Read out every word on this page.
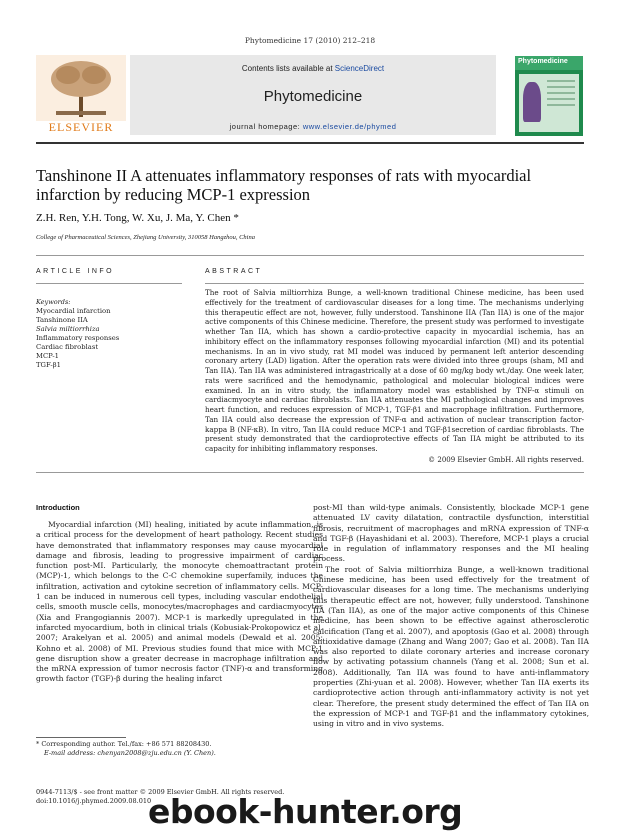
Phytomedicine 17 (2010) 212–218
ELSEVIER
Contents lists available at ScienceDirect
Phytomedicine
journal homepage: www.elsevier.de/phymed
Phytomedicine
Tanshinone II A attenuates inflammatory responses of rats with myocardial infarction by reducing MCP-1 expression
Z.H. Ren, Y.H. Tong, W. Xu, J. Ma, Y. Chen *
College of Pharmaceutical Sciences, Zhejiang University, 310058 Hangzhou, China
ARTICLE INFO	ABSTRACT
Keywords:
Myocardial infarction
Tanshinone IIA
Salvia miltiorrhiza
Inflammatory responses
Cardiac fibroblast
MCP-1
TGF-β1
The root of Salvia miltiorrhiza Bunge, a well-known traditional Chinese medicine, has been used effectively for the treatment of cardiovascular diseases for a long time. The mechanisms underlying this therapeutic effect are not, however, fully understood. Tanshinone IIA (Tan IIA) is one of the major active components of this Chinese medicine. Therefore, the present study was performed to investigate whether Tan IIA, which has shown a cardio-protective capacity in myocardial ischemia, has an inhibitory effect on the inflammatory responses following myocardial infarction (MI) and its potential mechanisms. In an in vivo study, rat MI model was induced by permanent left anterior descending coronary artery (LAD) ligation. After the operation rats were divided into three groups (sham, MI and Tan IIA). Tan IIA was administered intragastrically at a dose of 60 mg/kg body wt./day. One week later, rats were sacrificed and the hemodynamic, pathological and molecular biological indices were examined. In an in vitro study, the inflammatory model was established by TNF-α stimuli on cardiacmyocyte and cardiac fibroblasts. Tan IIA attenuates the MI pathological changes and improves heart function, and reduces expression of MCP-1, TGF-β1 and macrophage infiltration. Furthermore, Tan IIA could also decrease the expression of TNF-α and activation of nuclear transcription factor-kappa B (NF-κB). In vitro, Tan IIA could reduce MCP-1 and TGF-β1secretion of cardiac fibroblasts. The present study demonstrated that the cardioprotective effects of Tan IIA might be attributed to its capacity for inhibiting inflammatory responses.
© 2009 Elsevier GmbH. All rights reserved.
Introduction

Myocardial infarction (MI) healing, initiated by acute inflammation, is a critical process for the development of heart pathology. Recent studies have demonstrated that inflammatory responses may cause myocardial damage and fibrosis, leading to progressive impairment of cardiac function post-MI. Particularly, the monocyte chemoattractant protein (MCP)-1, which belongs to the C-C chemokine superfamily, induces the infiltration, activation and cytokine secretion of inflammatory cells. MCP-1 can be induced in numerous cell types, including vascular endothelial cells, smooth muscle cells, monocytes/macrophages and cardiacmyocytes (Xia and Frangogiannis 2007). MCP-1 is markedly upregulated in the infarcted myocardium, both in clinical trials (Kobusiak-Prokopowicz et al. 2007; Arakelyan et al. 2005) and animal models (Dewald et al. 2005; Kohno et al. 2008) of MI. Previous studies found that mice with MCP-1 gene disruption show a greater decrease in macrophage infiltration and the mRNA expression of tumor necrosis factor (TNF)-α and transforming growth factor (TGF)-β during the healing infarct

post-MI than wild-type animals. Consistently, blockade MCP-1 gene attenuated LV cavity dilatation, contractile dysfunction, interstitial fibrosis, recruitment of macrophages and mRNA expression of TNF-α and TGF-β (Hayashidani et al. 2003). Therefore, MCP-1 plays a crucial role in regulation of inflammatory responses and the MI healing process.

The root of Salvia miltiorrhiza Bunge, a well-known traditional Chinese medicine, has been used effectively for the treatment of cardiovascular diseases for a long time. The mechanisms underlying this therapeutic effect are not, however, fully understood. Tanshinone IIA (Tan IIA), as one of the major active components of this Chinese medicine, has been shown to be effective against atherosclerotic calcification (Tang et al. 2007), and apoptosis (Gao et al. 2008) through antioxidative damage (Zhang and Wang 2007; Gao et al. 2008). Tan IIA was also reported to dilate coronary arteries and increase coronary flow by activating potassium channels (Yang et al. 2008; Sun et al. 2008). Additionally, Tan IIA was found to have anti-inflammatory properties (Zhi-yuan et al. 2008). However, whether Tan IIA exerts its cardioprotective action through anti-inflammatory activity is not yet clear. Therefore, the present study determined the effect of Tan IIA on the expression of MCP-1 and TGF-β1 and the inflammatory cytokines, using in vitro and in vivo systems.

* Corresponding author. Tel./fax: +86 571 88208430.
E-mail address: chenyan2008@zju.edu.cn (Y. Chen).
0944-7113/$ - see front matter © 2009 Elsevier GmbH. All rights reserved.
doi:10.1016/j.phymed.2009.08.010
ebook-hunter.org
